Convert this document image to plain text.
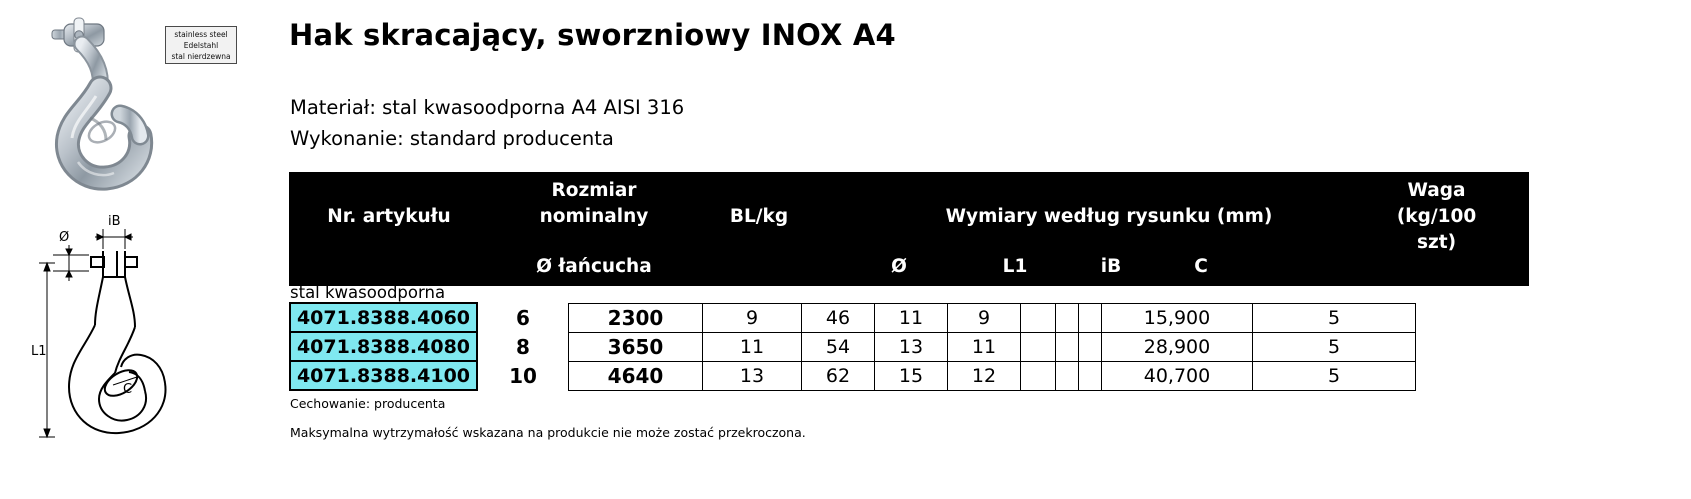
stainless steel
Edelstahl
stal nierdzewna
iB
Ø
L1
C
Hak skracający, sworzniowy INOX A4
Materiał: stal kwasoodporna A4 AISI 316
Wykonanie: standard producenta
Nr. artykułu
Rozmiar
nominalny	BL/kg	Wymiary według rysunku (mm)
Waga
(kg/100
szt)
Ø łańcucha	Ø	L1	iB	C
Opakowanie
(sztuk)
stal kwasoodporna
4071.8388.4060	6	2300	9	46	11	9				15,900	5
4071.8388.4080	8	3650	11	54	13	11				28,900	5
4071.8388.4100	10	4640	13	62	15	12				40,700	5
Cechowanie: producenta
Maksymalna wytrzymałość wskazana na produkcie nie może zostać przekroczona.
